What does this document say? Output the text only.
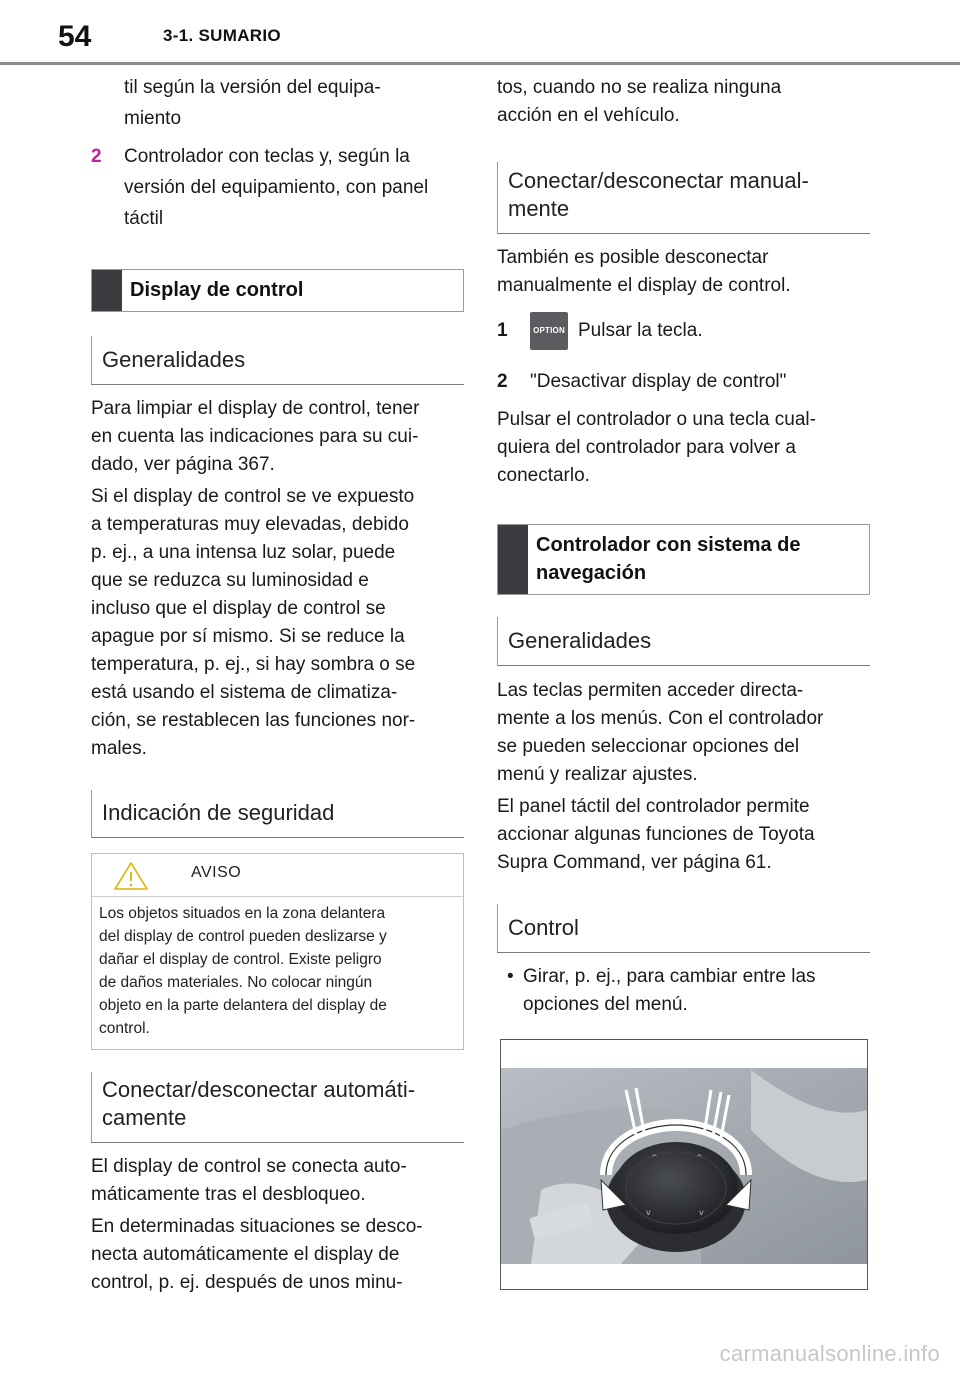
54	3-1. SUMARIO
til según la versión del equipa-
miento
2 Controlador con teclas y, según la
versión del equipamiento, con panel
táctil
Display de control
Generalidades
Para limpiar el display de control, tener
en cuenta las indicaciones para su cui-
dado, ver página 367.
Si el display de control se ve expuesto
a temperaturas muy elevadas, debido
p. ej., a una intensa luz solar, puede
que se reduzca su luminosidad e
incluso que el display de control se
apague por sí mismo. Si se reduce la
temperatura, p. ej., si hay sombra o se
está usando el sistema de climatiza-
ción, se restablecen las funciones nor-
males.
Indicación de seguridad
AVISO
Los objetos situados en la zona delantera
del display de control pueden deslizarse y
dañar el display de control. Existe peligro
de daños materiales. No colocar ningún
objeto en la parte delantera del display de
control.
Conectar/desconectar automáti-
camente
El display de control se conecta auto-
máticamente tras el desbloqueo.
En determinadas situaciones se desco-
necta automáticamente el display de
control, p. ej. después de unos minu-
tos, cuando no se realiza ninguna
acción en el vehículo.
Conectar/desconectar manual-
mente
También es posible desconectar
manualmente el display de control.
1	OPTION Pulsar la tecla.
2 "Desactivar display de control"
Pulsar el controlador o una tecla cual-
quiera del controlador para volver a
conectarlo.
Controlador con sistema de
navegación
Generalidades
Las teclas permiten acceder directa-
mente a los menús. Con el controlador
se pueden seleccionar opciones del
menú y realizar ajustes.
El panel táctil del controlador permite
accionar algunas funciones de Toyota
Supra Command, ver página 61.
Control
• Girar, p. ej., para cambiar entre las
opciones del menú.
^	^
v	v
carmanualsonline.info
